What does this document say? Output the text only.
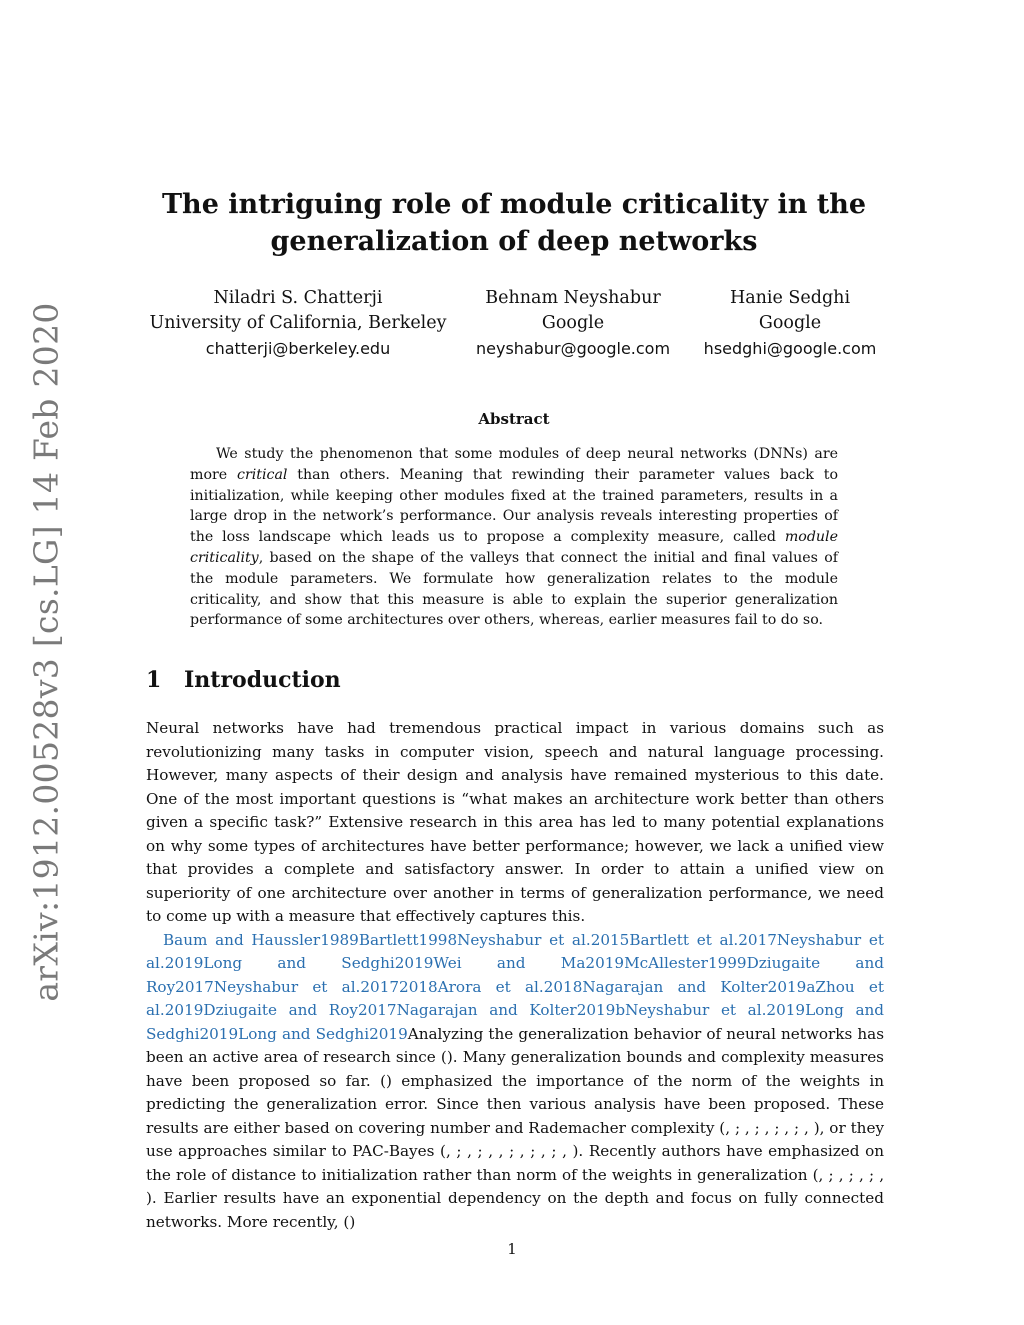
arXiv:1912.00528v3 [cs.LG] 14 Feb 2020
The intriguing role of module criticality in the
generalization of deep networks
Niladri S. Chatterji
University of California, Berkeley
chatterji@berkeley.edu
Behnam Neyshabur
Google
neyshabur@google.com
Hanie Sedghi
Google
hsedghi@google.com
Abstract

We study the phenomenon that some modules of deep neural networks (DNNs) are more critical than others. Meaning that rewinding their parameter values back to initialization, while keeping other modules fixed at the trained parameters, results in a large drop in the network’s performance. Our analysis reveals interesting properties of the loss landscape which leads us to propose a complexity measure, called module criticality, based on the shape of the valleys that connect the initial and final values of the module parameters. We formulate how generalization relates to the module criticality, and show that this measure is able to explain the superior generalization performance of some architectures over others, whereas, earlier measures fail to do so.

1 Introduction

Neural networks have had tremendous practical impact in various domains such as revolutionizing many tasks in computer vision, speech and natural language processing. However, many aspects of their design and analysis have remained mysterious to this date. One of the most important questions is “what makes an architecture work better than others given a specific task?” Extensive research in this area has led to many potential explanations on why some types of architectures have better performance; however, we lack a unified view that provides a complete and satisfactory answer. In order to attain a unified view on superiority of one architecture over another in terms of generalization performance, we need to come up with a measure that effectively captures this.

Baum and Haussler1989Bartlett1998Neyshabur et al.2015Bartlett et al.2017Neyshabur et al.2019Long and Sedghi2019Wei and Ma2019McAllester1999Dziugaite and Roy2017Neyshabur et al.20172018Arora et al.2018Nagarajan and Kolter2019aZhou et al.2019Dziugaite and Roy2017Nagarajan and Kolter2019bNeyshabur et al.2019Long and Sedghi2019Long and Sedghi2019Analyzing the generalization behavior of neural networks has been an active area of research since (). Many generalization bounds and complexity measures have been proposed so far. () emphasized the importance of the norm of the weights in predicting the generalization error. Since then various analysis have been proposed. These results are either based on covering number and Rademacher complexity (, ; , ; , ; , ; , ), or they use approaches similar to PAC-Bayes (, ; , ; , , ; , ; , ; , ). Recently authors have emphasized on the role of distance to initialization rather than norm of the weights in generalization (, ; , ; , ; , ). Earlier results have an exponential dependency on the depth and focus on fully connected networks. More recently, ()

1
